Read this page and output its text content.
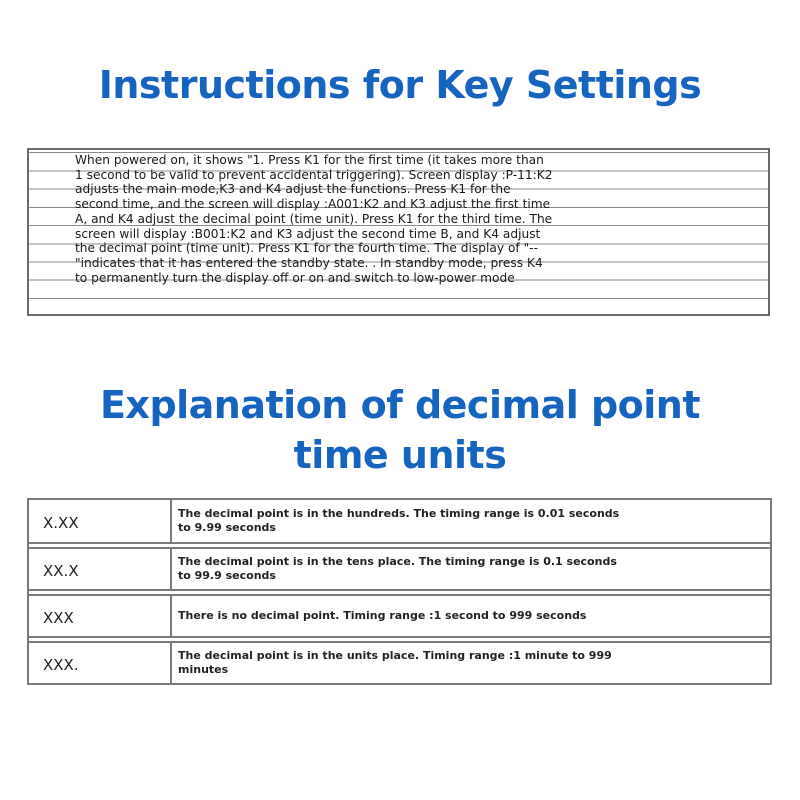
Instructions for Key Settings

When powered on, it shows "1. Press K1 for the first time (it takes more than
1 second to be valid to prevent accidental triggering). Screen display :P-11:K2
adjusts the main mode,K3 and K4 adjust the functions. Press K1 for the
second time, and the screen will display :A001:K2 and K3 adjust the first time
A, and K4 adjust the decimal point (time unit). Press K1 for the third time. The
screen will display :B001:K2 and K3 adjust the second time B, and K4 adjust
the decimal point (time unit). Press K1 for the fourth time. The display of "--
"indicates that it has entered the standby state. . In standby mode, press K4
to permanently turn the display off or on and switch to low-power mode

Explanation of decimal point
time units
X.XX
The decimal point is in the hundreds. The timing range is 0.01 seconds to 9.99 seconds
XX.X
The decimal point is in the tens place. The timing range is 0.1 seconds to 99.9 seconds
XXX	There is no decimal point. Timing range :1 second to 999 seconds
XXX.
The decimal point is in the units place. Timing range :1 minute to 999 minutes
